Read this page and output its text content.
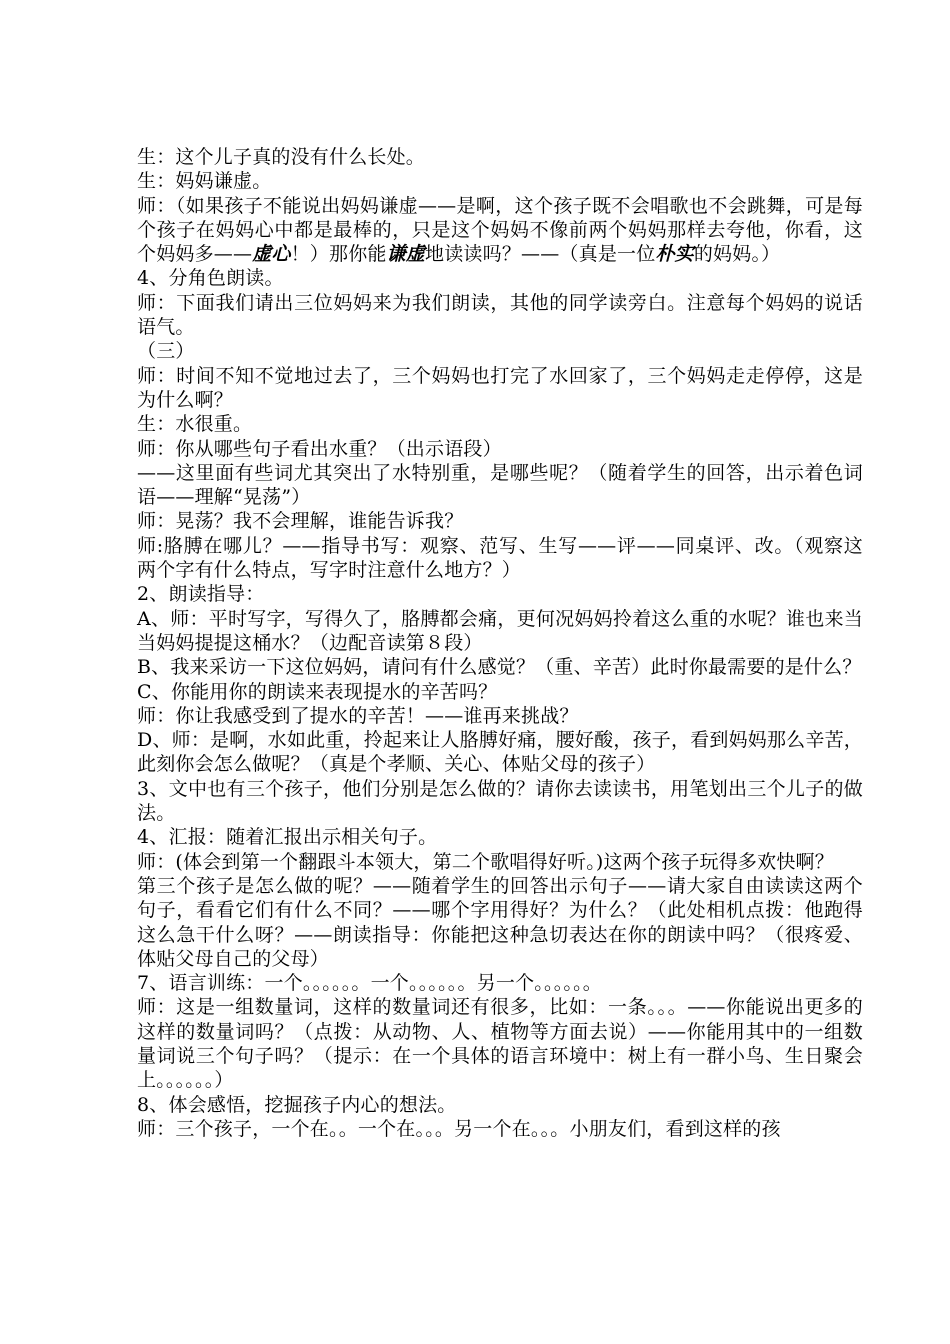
生：这个儿子真的没有什么长处。

生：妈妈谦虚。

师：（如果孩子不能说出妈妈谦虚——是啊，这个孩子既不会唱歌也不会跳舞，可是每个孩子在妈妈心中都是最棒的，只是这个妈妈不像前两个妈妈那样去夸他，你看，这个妈妈多——虚心！）那你能谦虚地读读吗？——（真是一位朴实的妈妈。）

4、分角色朗读。

师：下面我们请出三位妈妈来为我们朗读，其他的同学读旁白。注意每个妈妈的说话语气。

（三）

师：时间不知不觉地过去了，三个妈妈也打完了水回家了，三个妈妈走走停停，这是为什么啊？

生：水很重。

师：你从哪些句子看出水重？（出示语段）

——这里面有些词尤其突出了水特别重，是哪些呢？（随着学生的回答，出示着色词语——理解“晃荡”）

师：晃荡？我不会理解，谁能告诉我？

师:胳膊在哪儿？——指导书写：观察、范写、生写——评——同桌评、改。（观察这两个字有什么特点，写字时注意什么地方？）

2、朗读指导：

A、师：平时写字，写得久了，胳膊都会痛，更何况妈妈拎着这么重的水呢？谁也来当当妈妈提提这桶水？（边配音读第８段）

B、我来采访一下这位妈妈，请问有什么感觉？（重、辛苦）此时你最需要的是什么？

C、你能用你的朗读来表现提水的辛苦吗？

师：你让我感受到了提水的辛苦！——谁再来挑战？

D、师：是啊，水如此重，拎起来让人胳膊好痛，腰好酸，孩子，看到妈妈那么辛苦，此刻你会怎么做呢？（真是个孝顺、关心、体贴父母的孩子）

3、文中也有三个孩子，他们分别是怎么做的？请你去读读书，用笔划出三个儿子的做法。

4、汇报：随着汇报出示相关句子。

师：(体会到第一个翻跟斗本领大，第二个歌唱得好听。)这两个孩子玩得多欢快啊？

第三个孩子是怎么做的呢？——随着学生的回答出示句子——请大家自由读读这两个句子，看看它们有什么不同？——哪个字用得好？为什么？（此处相机点拨：他跑得这么急干什么呀？——朗读指导：你能把这种急切表达在你的朗读中吗？（很疼爱、体贴父母自己的父母）

7、语言训练：一个。。。。。。一个。。。。。。另一个。。。。。。

师：这是一组数量词，这样的数量词还有很多，比如：一条。。。——你能说出更多的这样的数量词吗？（点拨：从动物、人、植物等方面去说）——你能用其中的一组数量词说三个句子吗？（提示：在一个具体的语言环境中：树上有一群小鸟、生日聚会上。。。。。。）

8、体会感悟，挖掘孩子内心的想法。

师：三个孩子，一个在。。一个在。。。另一个在。。。小朋友们，看到这样的孩
